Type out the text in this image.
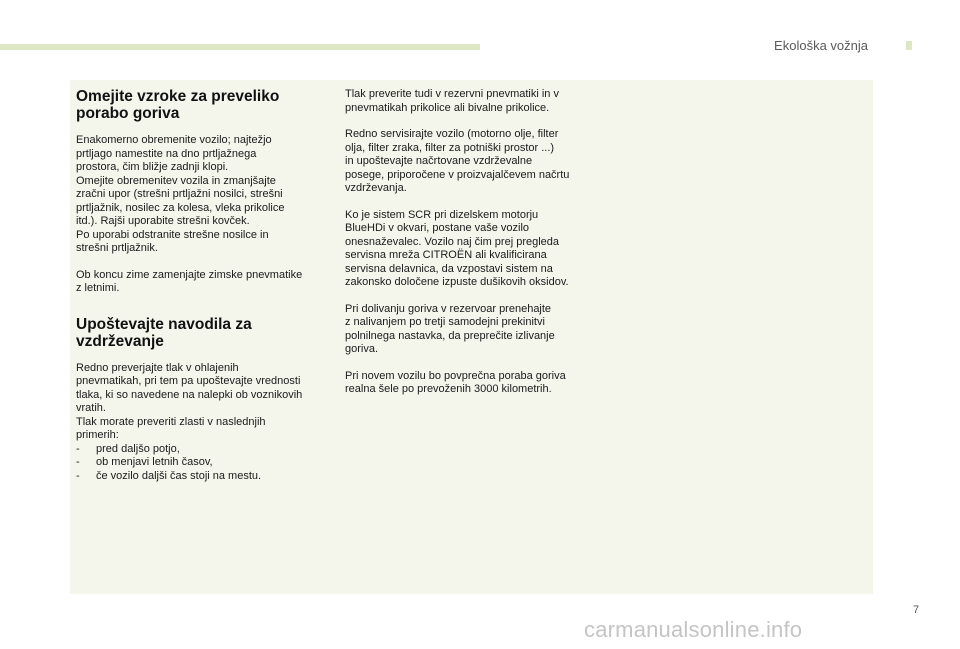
Ekološka vožnja
Omejite vzroke za preveliko
porabo goriva

Enakomerno obremenite vozilo; najtežjo
prtljago namestite na dno prtljažnega
prostora, čim bližje zadnji klopi.
Omejite obremenitev vozila in zmanjšajte
zračni upor (strešni prtljažni nosilci, strešni
prtljažnik, nosilec za kolesa, vleka prikolice
itd.). Rajši uporabite strešni kovček.
Po uporabi odstranite strešne nosilce in
strešni prtljažnik.

Ob koncu zime zamenjajte zimske pnevmatike
z letnimi.

Upoštevajte navodila za
vzdrževanje

Redno preverjajte tlak v ohlajenih
pnevmatikah, pri tem pa upoštevajte vrednosti
tlaka, ki so navedene na nalepki ob voznikovih
vratih.
Tlak morate preveriti zlasti v naslednjih
primerih:

- pred daljšo potjo,
- ob menjavi letnih časov,
- če vozilo daljši čas stoji na mestu.

Tlak preverite tudi v rezervni pnevmatiki in v
pnevmatikah prikolice ali bivalne prikolice.

Redno servisirajte vozilo (motorno olje, filter
olja, filter zraka, filter za potniški prostor ...)
in upoštevajte načrtovane vzdrževalne
posege, priporočene v proizvajalčevem načrtu
vzdrževanja.

Ko je sistem SCR pri dizelskem motorju
BlueHDi v okvari, postane vaše vozilo
onesnaževalec. Vozilo naj čim prej pregleda
servisna mreža CITROËN ali kvalificirana
servisna delavnica, da vzpostavi sistem na
zakonsko določene izpuste dušikovih oksidov.

Pri dolivanju goriva v rezervoar prenehajte
z nalivanjem po tretji samodejni prekinitvi
polnilnega nastavka, da preprečite izlivanje
goriva.

Pri novem vozilu bo povprečna poraba goriva
realna šele po prevoženih 3000 kilometrih.

7
carmanualsonline.info
